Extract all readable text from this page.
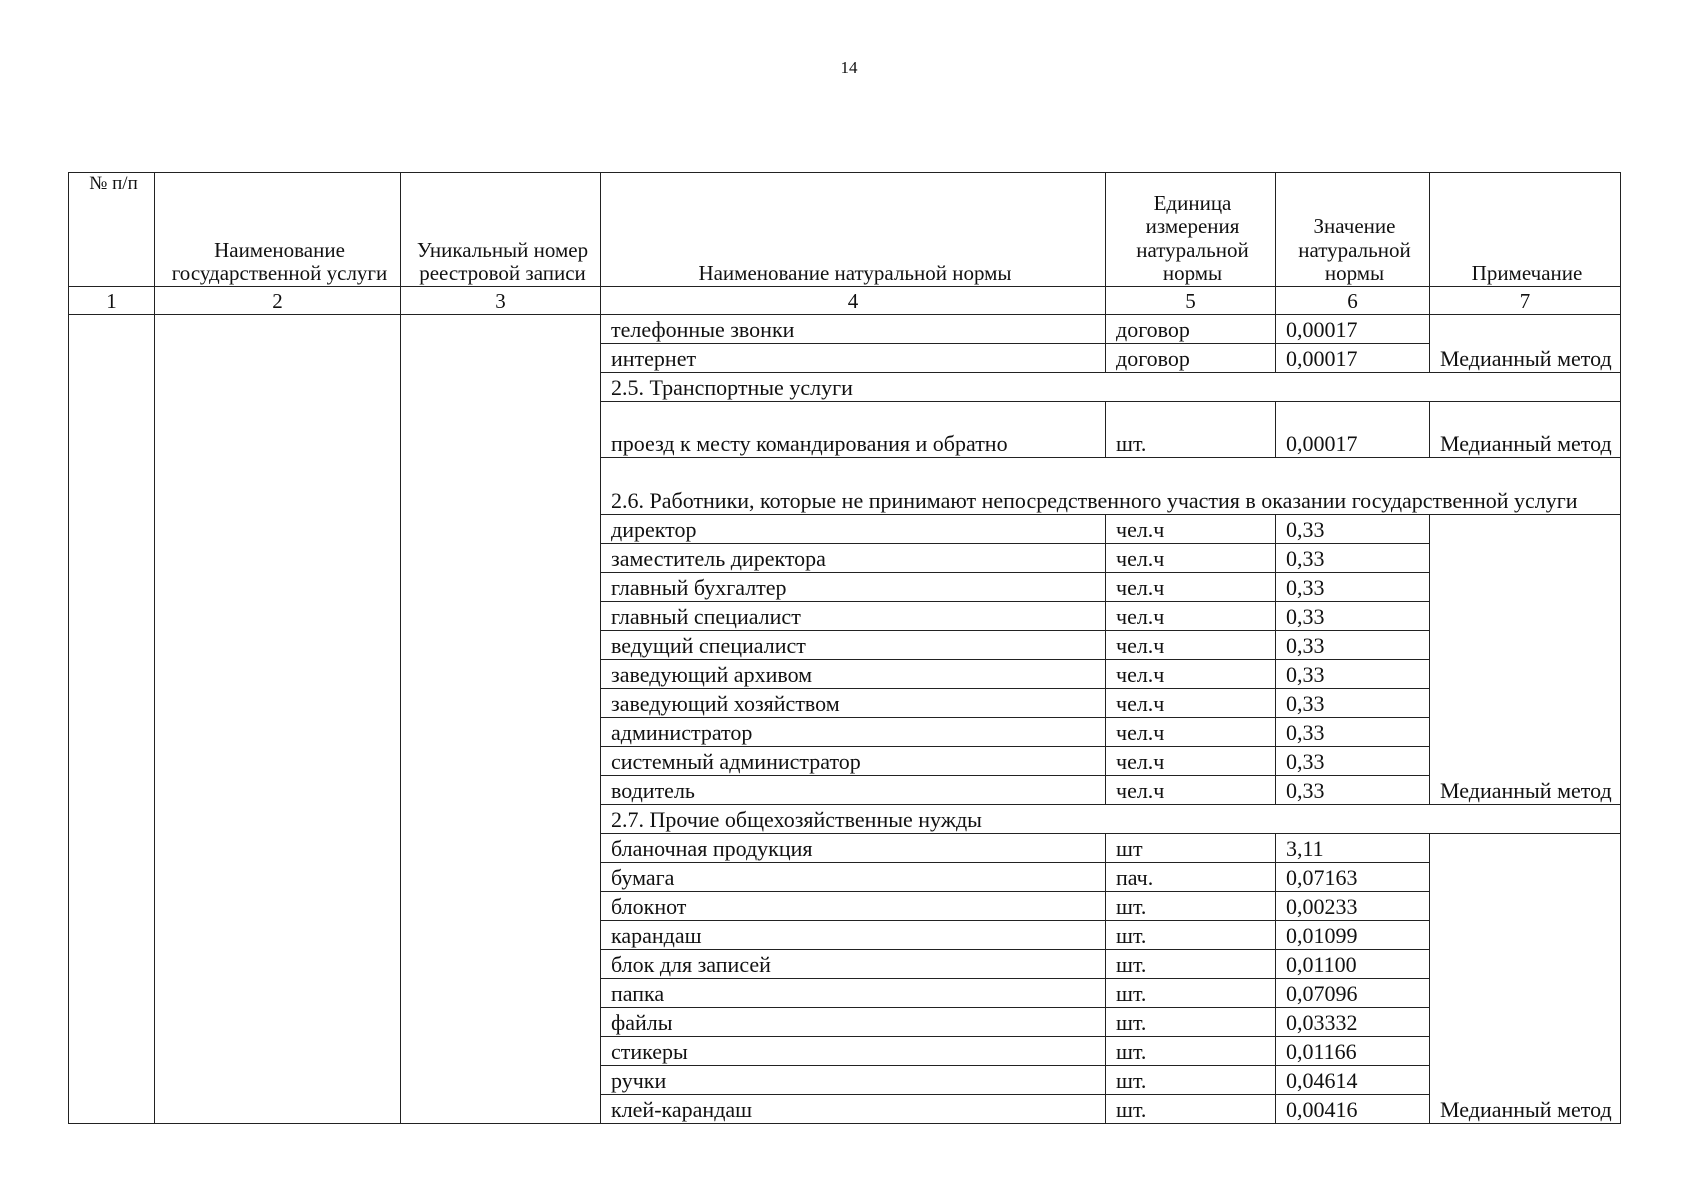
14
№ п/п	Наименование государственной услуги	Уникальный номер реестровой записи	Наименование натуральной нормы	Единица измерения натуральной нормы	Значение натуральной нормы	Примечание
1	2	3	4	5	6	7
			телефонные звонки	договор	0,00017	Медианный метод
			интернет	договор	0,00017	
			2.5. Транспортные услуги			
			проезд к месту командирования и обратно	шт.	0,00017	Медианный метод
			2.6. Работники, которые не принимают непосредственного участия в оказании государственной услуги			
			директор	чел.ч	0,33	Медианный метод
			заместитель директора	чел.ч	0,33	
			главный бухгалтер	чел.ч	0,33	
			главный специалист	чел.ч	0,33	
			ведущий специалист	чел.ч	0,33	
			заведующий архивом	чел.ч	0,33	
			заведующий хозяйством	чел.ч	0,33	
			администратор	чел.ч	0,33	
			системный администратор	чел.ч	0,33	
			водитель	чел.ч	0,33	
			2.7. Прочие общехозяйственные нужды			
			бланочная продукция	шт	3,11	Медианный метод
			бумага	пач.	0,07163	
			блокнот	шт.	0,00233	
			карандаш	шт.	0,01099	
			блок для записей	шт.	0,01100	
			папка	шт.	0,07096	
			файлы	шт.	0,03332	
			стикеры	шт.	0,01166	
			ручки	шт.	0,04614	
			клей-карандаш	шт.	0,00416	
